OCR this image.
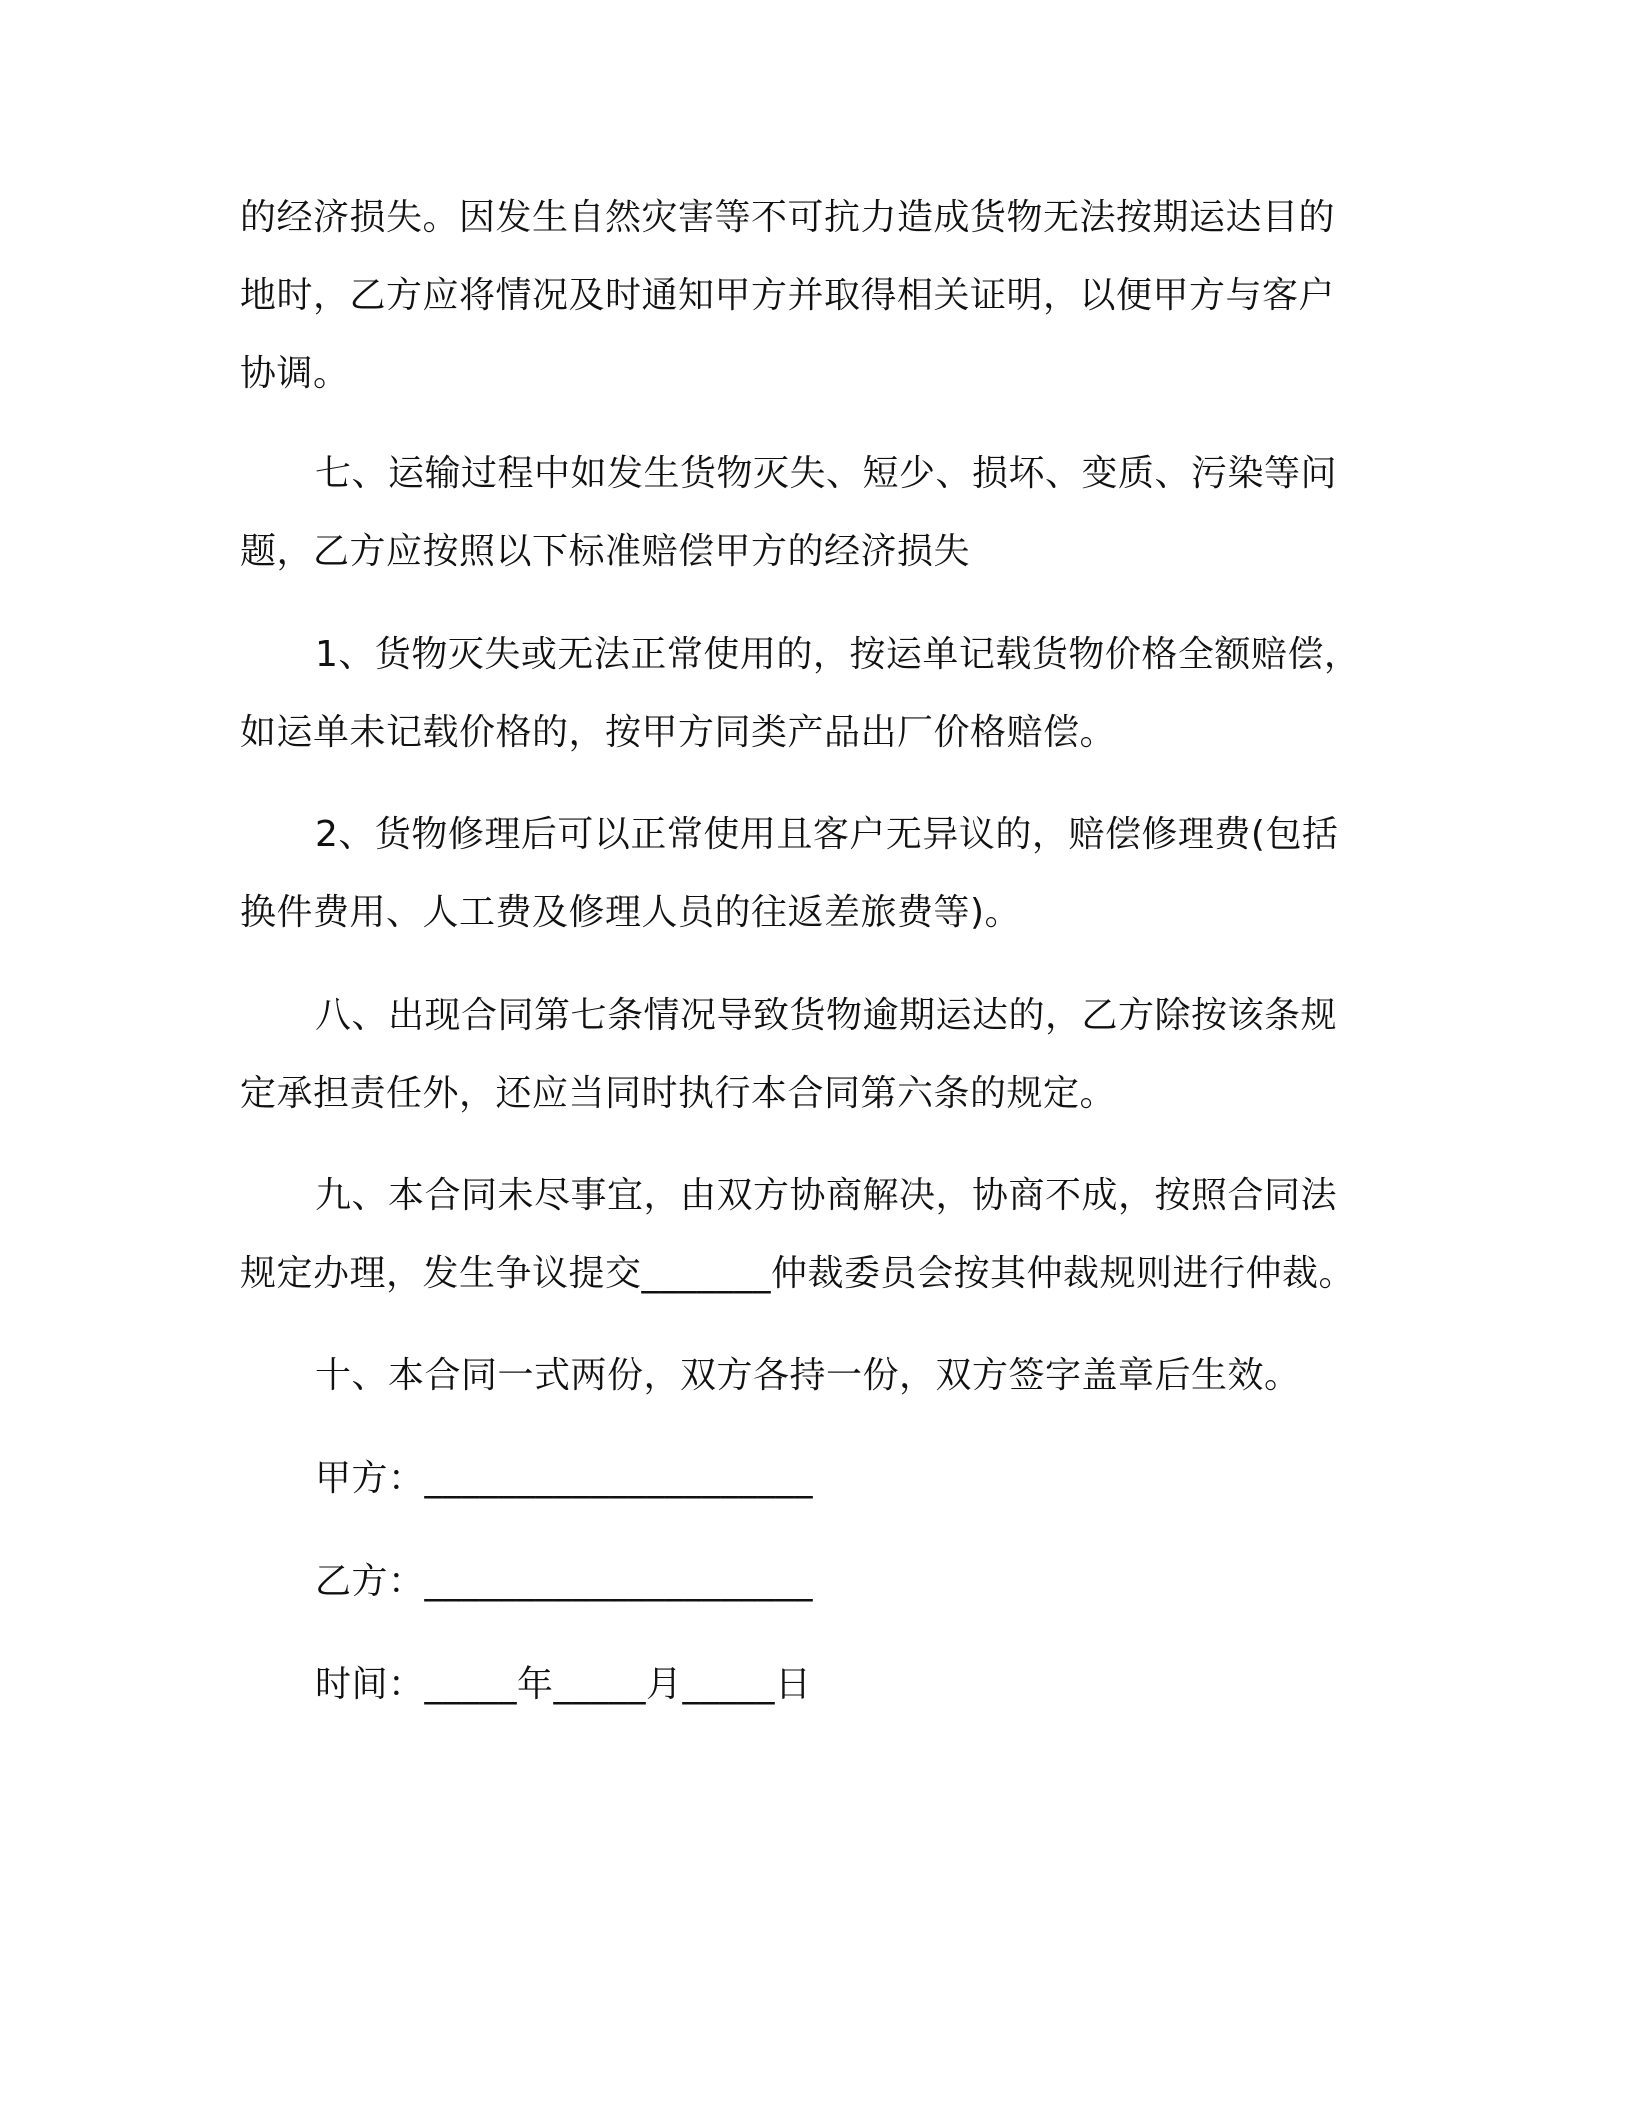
的经济损失。因发生自然灾害等不可抗力造成货物无法按期运达目的
地时，乙方应将情况及时通知甲方并取得相关证明，以便甲方与客户
协调。
七、运输过程中如发生货物灭失、短少、损坏、变质、污染等问
题，乙方应按照以下标准赔偿甲方的经济损失
1、货物灭失或无法正常使用的，按运单记载货物价格全额赔偿，
如运单未记载价格的，按甲方同类产品出厂价格赔偿。
2、货物修理后可以正常使用且客户无异议的，赔偿修理费(包括
换件费用、人工费及修理人员的往返差旅费等)。
八、出现合同第七条情况导致货物逾期运达的，乙方除按该条规
定承担责任外，还应当同时执行本合同第六条的规定。
九、本合同未尽事宜，由双方协商解决，协商不成，按照合同法
规定办理，发生争议提交_______仲裁委员会按其仲裁规则进行仲裁。
十、本合同一式两份，双方各持一份，双方签字盖章后生效。
甲方：_____________________
乙方：_____________________
时间：_____年_____月_____日
